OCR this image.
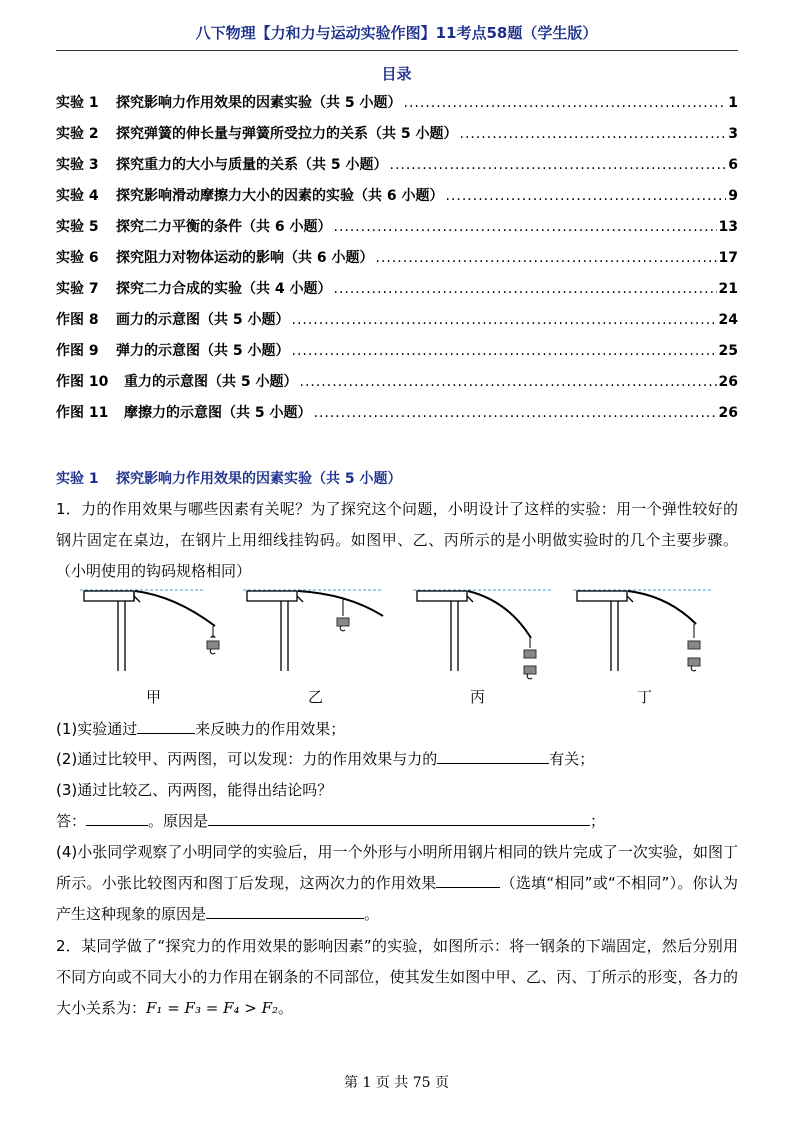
八下物理【力和力与运动实验作图】11考点58题（学生版）
目录
实验 1	探究影响力作用效果的因素实验（共 5 小题） .....	1
实验 2	探究弹簧的伸长量与弹簧所受拉力的关系（共 5 小题） .....	3
实验 3	探究重力的大小与质量的关系（共 5 小题） .....	6
实验 4	探究影响滑动摩擦力大小的因素的实验（共 6 小题） .....	9
实验 5	探究二力平衡的条件（共 6 小题） .....	13
实验 6	探究阻力对物体运动的影响（共 6 小题） .....	17
实验 7	探究二力合成的实验（共 4 小题） .....	21
作图 8	画力的示意图（共 5 小题） .....	24
作图 9	弹力的示意图（共 5 小题） .....	25
作图 10	重力的示意图（共 5 小题） .....	26
作图 11	摩擦力的示意图（共 5 小题） .....	26
实验 1 探究影响力作用效果的因素实验（共 5 小题）
1．力的作用效果与哪些因素有关呢？为了探究这个问题，小明设计了这样的实验：用一个弹性较好的钢片固定在桌边，在钢片上用细线挂钩码。如图甲、乙、丙所示的是小明做实验时的几个主要步骤。（小明使用的钩码规格相同）
甲	乙	丙	丁
(1)实验通过	来反映力的作用效果；
(2)通过比较甲、丙两图，可以发现：力的作用效果与力的	有关；
(3)通过比较乙、丙两图，能得出结论吗？
答：	。原因是	；
(4)小张同学观察了小明同学的实验后，用一个外形与小明所用钢片相同的铁片完成了一次实验，如图丁所示。小张比较图丙和图丁后发现，这两次力的作用效果	（选填“相同”或“不相同”）。你认为产生这种现象的原因是	。
2．某同学做了“探究力的作用效果的影响因素”的实验，如图所示：将一钢条的下端固定，然后分别用不同方向或不同大小的力作用在钢条的不同部位，使其发生如图中甲、乙、丙、丁所示的形变，各力的大小关系为：F₁ = F₃ = F₄ > F₂。
第 1 页 共 75 页
